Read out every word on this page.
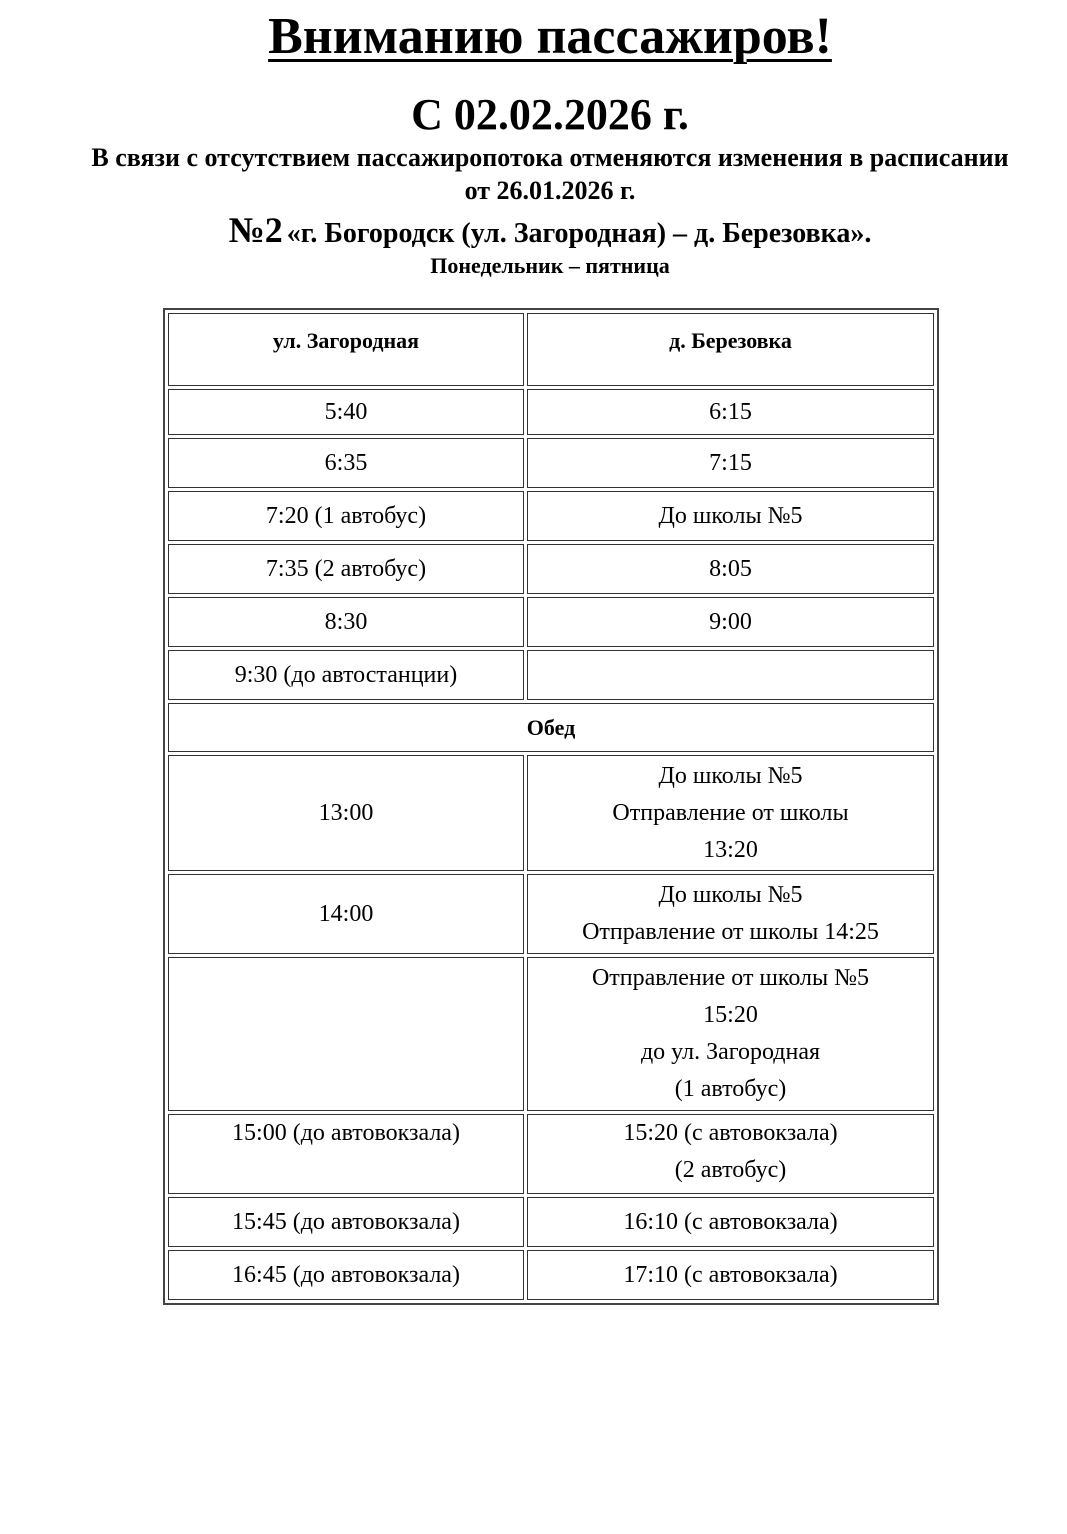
Вниманию пассажиров!
С 02.02.2026 г.
В связи с отсутствием пассажиропотока отменяются изменения в расписании от 26.01.2026 г.
№2 «г. Богородск (ул. Загородная) – д. Березовка».
Понедельник – пятница
ул. Загородная	д. Березовка

5:40	6:15

6:35	7:15

7:20 (1 автобус)	До школы №5

7:35 (2 автобус)	8:05

8:30	9:00

9:30 (до автостанции)	

Обед	

13:00	До школы №5
Отправление от школы
13:20

14:00	До школы №5
Отправление от школы 14:25

	Отправление от школы №5
15:20
до ул. Загородная
(1 автобус)

15:00 (до автовокзала)	15:20 (с автовокзала)
(2 автобус)

15:45 (до автовокзала)	16:10 (с автовокзала)

16:45 (до автовокзала)	17:10 (с автовокзала)
